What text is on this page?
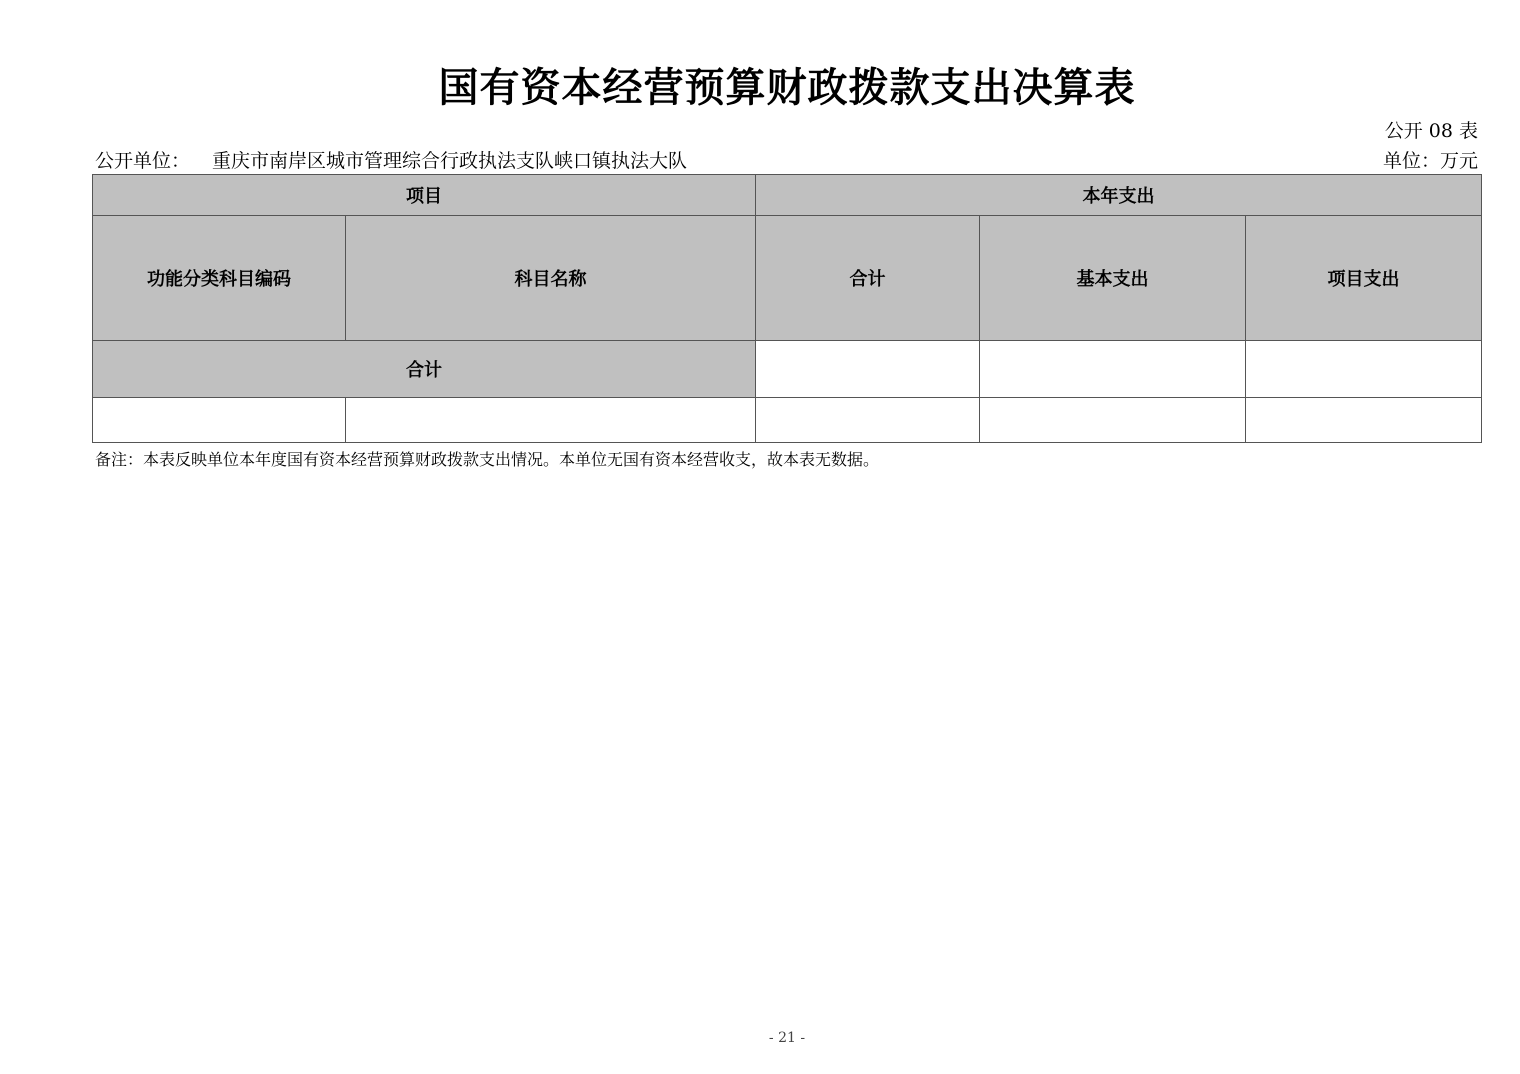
国有资本经营预算财政拨款支出决算表
公开 08 表
公开单位： 重庆市南岸区城市管理综合行政执法支队峡口镇执法大队	单位：万元
项目		本年支出		
功能分类科目编码	科目名称	合计	基本支出	项目支出
合计				

备注：本表反映单位本年度国有资本经营预算财政拨款支出情况。本单位无国有资本经营收支，故本表无数据。
- 21 -
